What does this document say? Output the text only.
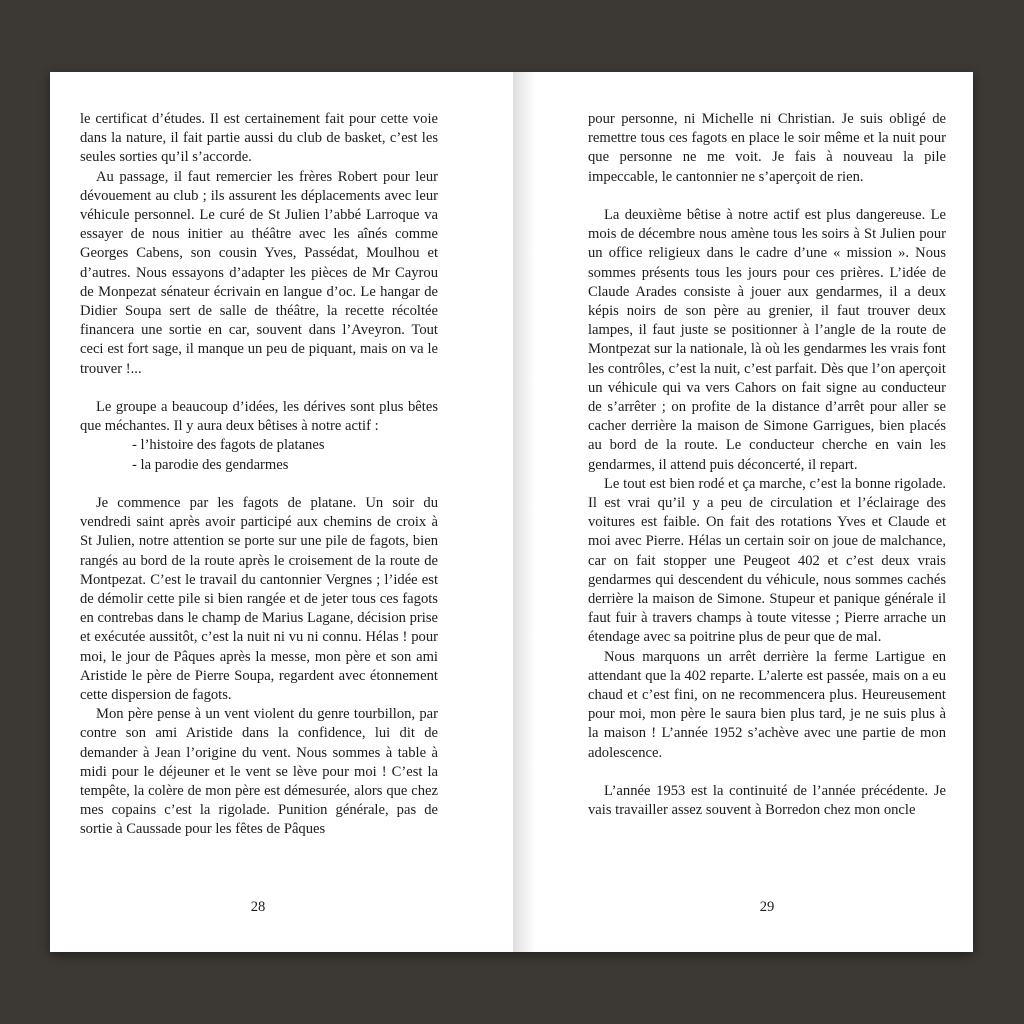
le certificat d’études. Il est certainement fait pour cette voie dans la nature, il fait partie aussi du club de basket, c’est les seules sorties qu’il s’accorde.

Au passage, il faut remercier les frères Robert pour leur dévouement au club ; ils assurent les déplacements avec leur véhicule personnel. Le curé de St Julien l’abbé Larroque va essayer de nous initier au théâtre avec les aînés comme Georges Cabens, son cousin Yves, Passédat, Moulhou et d’autres. Nous essayons d’adapter les pièces de Mr Cayrou de Monpezat sénateur écrivain en langue d’oc. Le hangar de Didier Soupa sert de salle de théâtre, la recette récoltée financera une sortie en car, souvent dans l’Aveyron. Tout ceci est fort sage, il manque un peu de piquant, mais on va le trouver !...

Le groupe a beaucoup d’idées, les dérives sont plus bêtes que méchantes. Il y aura deux bêtises à notre actif :

- l’histoire des fagots de platanes
- la parodie des gendarmes

Je commence par les fagots de platane. Un soir du vendredi saint après avoir participé aux chemins de croix à St Julien, notre attention se porte sur une pile de fagots, bien rangés au bord de la route après le croisement de la route de Montpezat. C’est le travail du cantonnier Vergnes ; l’idée est de démolir cette pile si bien rangée et de jeter tous ces fagots en contrebas dans le champ de Marius Lagane, décision prise et exécutée aussitôt, c’est la nuit ni vu ni connu. Hélas ! pour moi, le jour de Pâques après la messe, mon père et son ami Aristide le père de Pierre Soupa, regardent avec étonnement cette dispersion de fagots.

Mon père pense à un vent violent du genre tourbillon, par contre son ami Aristide dans la confidence, lui dit de demander à Jean l’origine du vent. Nous sommes à table à midi pour le déjeuner et le vent se lève pour moi ! C’est la tempête, la colère de mon père est démesurée, alors que chez mes copains c’est la rigolade. Punition générale, pas de sortie à Caussade pour les fêtes de Pâques

28

pour personne, ni Michelle ni Christian. Je suis obligé de remettre tous ces fagots en place le soir même et la nuit pour que personne ne me voit. Je fais à nouveau la pile impeccable, le cantonnier ne s’aperçoit de rien.

La deuxième bêtise à notre actif est plus dangereuse. Le mois de décembre nous amène tous les soirs à St Julien pour un office religieux dans le cadre d’une « mission ». Nous sommes présents tous les jours pour ces prières. L’idée de Claude Arades consiste à jouer aux gendarmes, il a deux képis noirs de son père au grenier, il faut trouver deux lampes, il faut juste se positionner à l’angle de la route de Montpezat sur la nationale, là où les gendarmes les vrais font les contrôles, c’est la nuit, c’est parfait. Dès que l’on aperçoit un véhicule qui va vers Cahors on fait signe au conducteur de s’arrêter ; on profite de la distance d’arrêt pour aller se cacher derrière la maison de Simone Garrigues, bien placés au bord de la route. Le conducteur cherche en vain les gendarmes, il attend puis déconcerté, il repart.

Le tout est bien rodé et ça marche, c’est la bonne rigolade. Il est vrai qu’il y a peu de circulation et l’éclairage des voitures est faible. On fait des rotations Yves et Claude et moi avec Pierre. Hélas un certain soir on joue de malchance, car on fait stopper une Peugeot 402 et c’est deux vrais gendarmes qui descendent du véhicule, nous sommes cachés derrière la maison de Simone. Stupeur et panique générale il faut fuir à travers champs à toute vitesse ; Pierre arrache un étendage avec sa poitrine plus de peur que de mal.

Nous marquons un arrêt derrière la ferme Lartigue en attendant que la 402 reparte. L’alerte est passée, mais on a eu chaud et c’est fini, on ne recommencera plus. Heureusement pour moi, mon père le saura bien plus tard, je ne suis plus à la maison ! L’année 1952 s’achève avec une partie de mon adolescence.

L’année 1953 est la continuité de l’année précédente. Je vais travailler assez souvent à Borredon chez mon oncle

29
